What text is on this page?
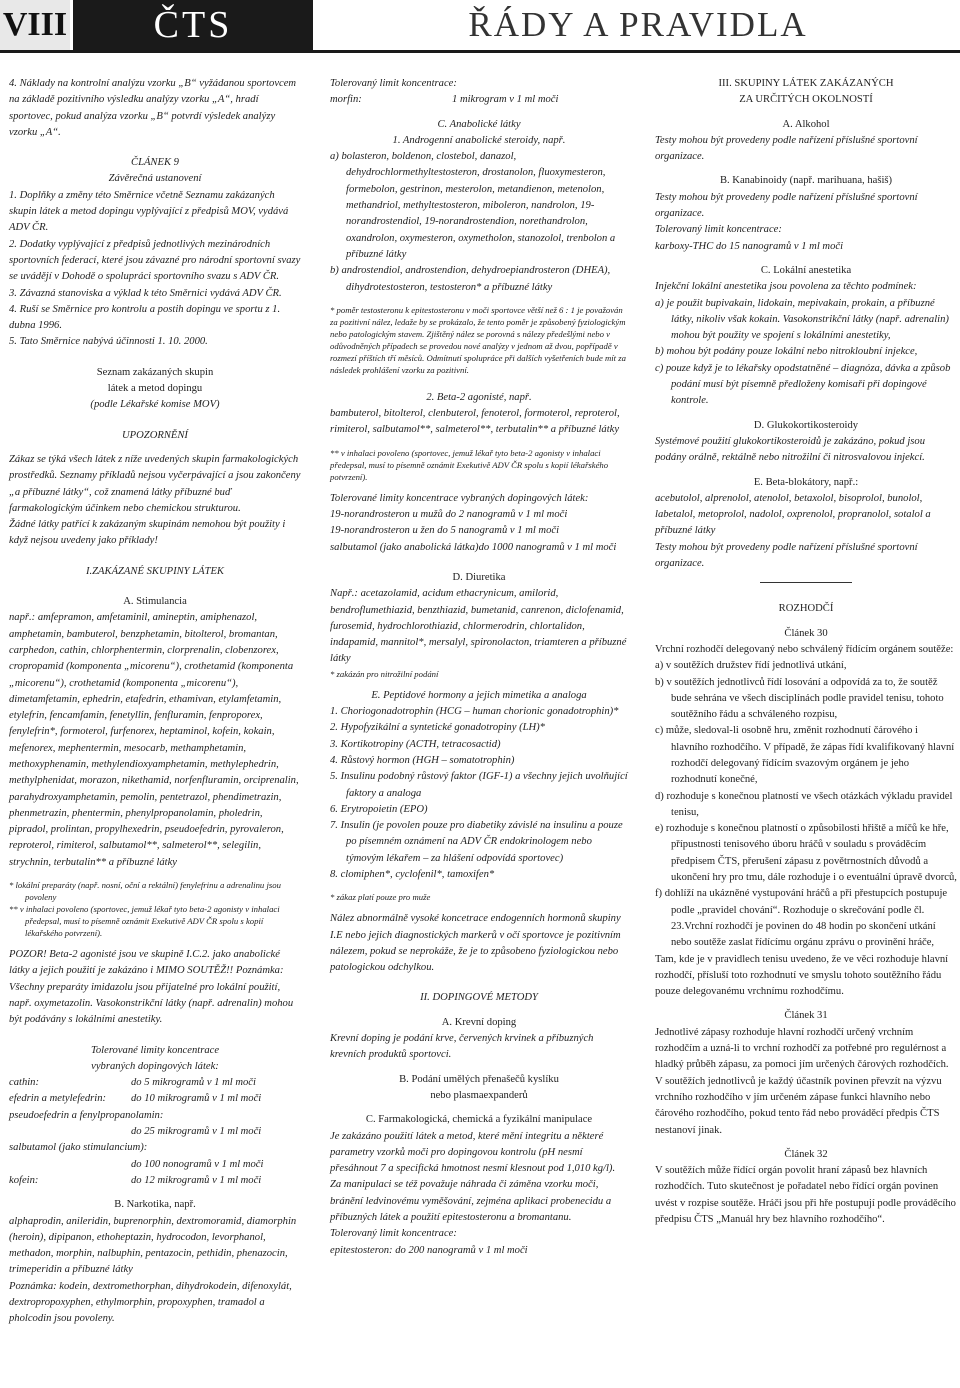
VIII	ČTS	ŘÁDY A PRAVIDLA

4. Náklady na kontrolní analýzu vzorku „B“ vyžádanou sportovcem na základě pozitivního výsledku analýzy vzorku „A“, hradí sportovec, pokud analýza vzorku „B“ potvrdí výsledek analýzy vzorku „A“.

ČLÁNEK 9

Závěrečná ustanovení

1. Doplňky a změny této Směrnice včetně Seznamu zakázaných skupin látek a metod dopingu vyplývající z předpisů MOV, vydává ADV ČR.

2. Dodatky vyplývající z předpisů jednotlivých mezinárodních sportovních federací, které jsou závazné pro národní sportovní svazy se uvádějí v Dohodě o spolupráci sportovního svazu s ADV ČR.

3. Závazná stanoviska a výklad k této Směrnici vydává ADV ČR.

4. Ruší se Směrnice pro kontrolu a postih dopingu ve sportu z 1. dubna 1996.

5. Tato Směrnice nabývá účinnosti 1. 10. 2000.

Seznam zakázaných skupin

látek a metod dopingu

(podle Lékařské komise MOV)

UPOZORNĚNÍ

Zákaz se týká všech látek z níže uvedených skupin farmakologických prostředků. Seznamy příkladů nejsou vyčerpávající a jsou zakončeny „a příbuzné látky“, což znamená látky příbuzné buď farmakologickým účinkem nebo chemickou strukturou.

Žádné látky patřící k zakázaným skupinám nemohou být použity i když nejsou uvedeny jako příklady!

I.ZAKÁZANÉ SKUPINY LÁTEK

A. Stimulancia

např.: amfepramon, amfetaminil, amineptin, amiphenazol, amphetamin, bambuterol, benzphetamin, bitolterol, bromantan, carphedon, cathin, chlorphentermin, clorprenalin, clobenzorex, cropropamid (komponenta „micorenu“), crothetamid (komponenta „micorenu“), crothetamid (komponenta „micorenu“), dimetamfetamin, ephedrin, etafedrin, ethamivan, etylamfetamin, etylefrin, fencamfamin, fenetyllin, fenfluramin, fenproporex, fenylefrin*, formoterol, furfenorex, heptaminol, kofein, kokain, mefenorex, mephentermin, mesocarb, methamphetamin, methoxyphenamin, methylendioxyamphetamin, methylephedrin, methylphenidat, morazon, nikethamid, norfenfluramin, orciprenalin, parahydroxyamphetamin, pemolin, pentetrazol, phendimetrazin, phenmetrazin, phentermin, phenylpropanolamin, pholedrin, pipradol, prolintan, propylhexedrin, pseudoefedrin, pyrovaleron, reproterol, rimiterol, salbutamol**, salmeterol**, selegilin, strychnin, terbutalin** a příbuzné látky

* lokální preparáty (např. nosní, oční a rektální) fenylefrinu a adrenalinu jsou povoleny

** v inhalaci povoleno (sportovec, jemuž lékař tyto beta-2 agonisty v inhalaci předepsal, musí to písemně oznámit Exekutivě ADV ČR spolu s kopií lékařského potvrzení).

POZOR! Beta-2 agonisté jsou ve skupině I.C.2. jako anabolické látky a jejich použití je zakázáno i MIMO SOUTĚŽ!! Poznámka: Všechny preparáty imidazolu jsou přijatelné pro lokální použití, např. oxymetazolin. Vasokonstrikční látky (např. adrenalin) mohou být podávány s lokálními anestetiky.

Tolerované limity koncentrace

vybraných dopingových látek:

cathin:	do 5 mikrogramů v 1 ml moči
efedrin a metylefedrin:	do 10 mikrogramů v 1 ml moči

pseudoefedrin a fenylpropanolamin:

do 25 mikrogramů v 1 ml moči

salbutamol (jako stimulancium):

do 100 nonogramů v 1 ml moči

kofein:	do 12 mikrogramů v 1 ml moči

B. Narkotika, např.

alphaprodin, anileridin, buprenorphin, dextromoramid, diamorphin (heroin), dipipanon, ethoheptazin, hydrocodon, levorphanol, methadon, morphin, nalbuphin, pentazocin, pethidin, phenazocin, trimeperidin a příbuzné látky

Poznámka: kodein, dextromethorphan, dihydrokodein, difenoxylát, dextropropoxyphen, ethylmorphin, propoxyphen, tramadol a pholcodin jsou povoleny.

Tolerovaný limit koncentrace:

morfin:	1 mikrogram v 1 ml moči

C. Anabolické látky

1. Androgenní anabolické steroidy, např.

a) bolasteron, boldenon, clostebol, danazol, dehydrochlormethyltestosteron, drostanolon, fluoxymesteron, formebolon, gestrinon, mesterolon, metandienon, metenolon, methandriol, methyltestosteron, miboleron, nandrolon, 19-norandrostendiol, 19-norandrostendion, norethandrolon, oxandrolon, oxymesteron, oxymetholon, stanozolol, trenbolon a příbuzné látky

b) androstendiol, androstendion, dehydroepiandrosteron (DHEA), dihydrotestosteron, testosteron* a příbuzné látky

* poměr testosteronu k epitestosteronu v moči sportovce větší než 6 : 1 je považován za pozitivní nález, ledaže by se prokázalo, že tento poměr je způsobený fyziologickým nebo patologickým stavem. Zjištěný nález se porovná s nálezy předešlými nebo v odůvodněných případech se provedou nové analýzy v jednom až dvou, popřípadě v rozmezí příštích tří měsíců. Odmítnutí spolupráce při dalších vyšetřeních bude mít za následek prohlášení vzorku za pozitivní.

2. Beta-2 agonisté, např.

bambuterol, bitolterol, clenbuterol, fenoterol, formoterol, reproterol, rimiterol, salbutamol**, salmeterol**, terbutalin** a příbuzné látky

** v inhalaci povoleno (sportovec, jemuž lékař tyto beta-2 agonisty v inhalaci předepsal, musí to písemně oznámit Exekutivě ADV ČR spolu s kopií lékařského potvrzení).

Tolerované limity koncentrace vybraných dopingových látek:

19-norandrosteron u mužů do 2 nanogramů v 1 ml moči

19-norandrosteron u žen do 5 nanogramů v 1 ml moči

salbutamol (jako anabolická látka)do 1000 nanogramů v 1 ml moči

D. Diuretika

Např.: acetazolamid, acidum ethacrynicum, amilorid, bendroflumethiazid, benzthiazid, bumetanid, canrenon, diclofenamid, furosemid, hydrochlorothiazid, chlormerodrin, chlortalidon, indapamid, mannitol*, mersalyl, spironolacton, triamteren a příbuzné látky

* zakázán pro nitrožilní podání

E. Peptidové hormony a jejich mimetika a analoga

1. Choriogonadotrophin (HCG – human chorionic gonadotrophin)*

2. Hypofyzikální a syntetické gonadotropiny (LH)*

3. Kortikotropiny (ACTH, tetracosactid)

4. Růstový hormon (HGH – somatotrophin)

5. Insulinu podobný růstový faktor (IGF-1) a všechny jejich uvolňující faktory a analoga

6. Erytropoietin (EPO)

7. Insulin (je povolen pouze pro diabetiky závislé na insulinu a pouze po písemném oznámení na ADV ČR endokrinologem nebo týmovým lékařem – za hlášení odpovídá sportovec)

8. clomiphen*, cyclofenil*, tamoxifen*

* zákaz platí pouze pro muže

Nález abnormálně vysoké koncetrace endogenních hormonů skupiny I.E nebo jejich diagnostických markerů v očí sportovce je pozitivním nálezem, pokud se neprokáže, že je to způsobeno fyziologickou nebo patologickou odchylkou.

II. DOPINGOVÉ METODY

A. Krevní doping

Krevní doping je podání krve, červených krvinek a příbuzných krevních produktů sportovci.

B. Podání umělých přenašečů kyslíku

nebo plasmaexpanderů

C. Farmakologická, chemická a fyzikální manipulace

Je zakázáno použití látek a metod, které mění integritu a některé parametry vzorků moči pro dopingovou kontrolu (pH nesmí přesáhnout 7 a specifická hmotnost nesmí klesnout pod 1,010 kg/l). Za manipulaci se též považuje náhrada či záměna vzorku moči, bránění ledvinovému vyměšování, zejména aplikaci probenecidu a příbuzných látek a použití epitestosteronu a bromantanu.

Tolerovaný limit koncentrace:

epitestosteron: do 200 nanogramů v 1 ml moči

III. SKUPINY LÁTEK ZAKÁZANÝCH

ZA URČITÝCH OKOLNOSTÍ

A. Alkohol

Testy mohou být provedeny podle nařízení příslušné sportovní organizace.

B. Kanabinoidy (např. marihuana, hašiš)

Testy mohou být provedeny podle nařízení příslušné sportovní organizace.

Tolerovaný limit koncentrace:

karboxy-THC do 15 nanogramů v 1 ml moči

C. Lokální anestetika

Injekční lokální anestetika jsou povolena za těchto podmínek:

a) je použit bupivakain, lidokain, mepivakain, prokain, a příbuzné látky, nikoliv však kokain. Vasokonstrikční látky (např. adrenalin) mohou být použity ve spojení s lokálními anestetiky,

b) mohou být podány pouze lokální nebo nitrokloubní injekce,

c) pouze když je to lékařsky opodstatněné – diagnóza, dávka a způsob podání musí být písemně předloženy komisaři při dopingové kontrole.

D. Glukokortikosteroidy

Systémové použití glukokortikosteroidů je zakázáno, pokud jsou podány orálně, rektálně nebo nitrožilní či nitrosvalovou injekcí.

E. Beta-blokátory, např.:

acebutolol, alprenolol, atenolol, betaxolol, bisoprolol, bunolol, labetalol, metoprolol, nadolol, oxprenolol, propranolol, sotalol a příbuzné látky

Testy mohou být provedeny podle nařízení příslušné sportovní organizace.

ROZHODČÍ

Článek 30

Vrchní rozhodčí delegovaný nebo schválený řídícím orgánem soutěže:

a) v soutěžích družstev řídí jednotlivá utkání,

b) v soutěžích jednotlivců řídí losování a odpovídá za to, že soutěž bude sehrána ve všech disciplínách podle pravidel tenisu, tohoto soutěžního řádu a schváleného rozpisu,

c) může, sledoval-li osobně hru, změnit rozhodnutí čárového i hlavního rozhodčího. V případě, že zápas řídí kvalifikovaný hlavní rozhodčí delegovaný řídícím svazovým orgánem je jeho rozhodnutí konečné,

d) rozhoduje s konečnou platností ve všech otázkách výkladu pravidel tenisu,

e) rozhoduje s konečnou platností o způsobilosti hřiště a míčů ke hře, přípustnosti tenisového úboru hráčů v souladu s prováděcím předpisem ČTS, přerušení zápasu z povětrnostních důvodů a ukončení hry pro tmu, dále rozhoduje i o eventuální úpravě dvorců,

f) dohlíží na ukázněné vystupování hráčů a při přestupcích postupuje podle „pravidel chování“. Rozhoduje o skrečování podle čl. 23.Vrchní rozhodčí je povinen do 48 hodin po skončení utkání nebo soutěže zaslat řídícímu orgánu zprávu o provinění hráče,

Tam, kde je v pravidlech tenisu uvedeno, že ve věci rozhoduje hlavní rozhodčí, přísluší toto rozhodnutí ve smyslu tohoto soutěžního řádu pouze delegovanému vrchnímu rozhodčímu.

Článek 31

Jednotlivé zápasy rozhoduje hlavní rozhodčí určený vrchním rozhodčím a uzná-li to vrchní rozhodčí za potřebné pro regulérnost a hladký průběh zápasu, za pomoci jím určených čárových rozhodčích.

V soutěžích jednotlivců je každý účastník povinen převzít na výzvu vrchního rozhodčího v jím určeném zápase funkci hlavního nebo čárového rozhodčího, pokud tento řád nebo prováděcí předpis ČTS nestanoví jinak.

Článek 32

V soutěžích může řídící orgán povolit hraní zápasů bez hlavních rozhodčích. Tuto skutečnost je pořadatel nebo řídící orgán povinen uvést v rozpise soutěže. Hráči jsou při hře postupují podle prováděcího předpisu ČTS „Manuál hry bez hlavního rozhodčího“.
